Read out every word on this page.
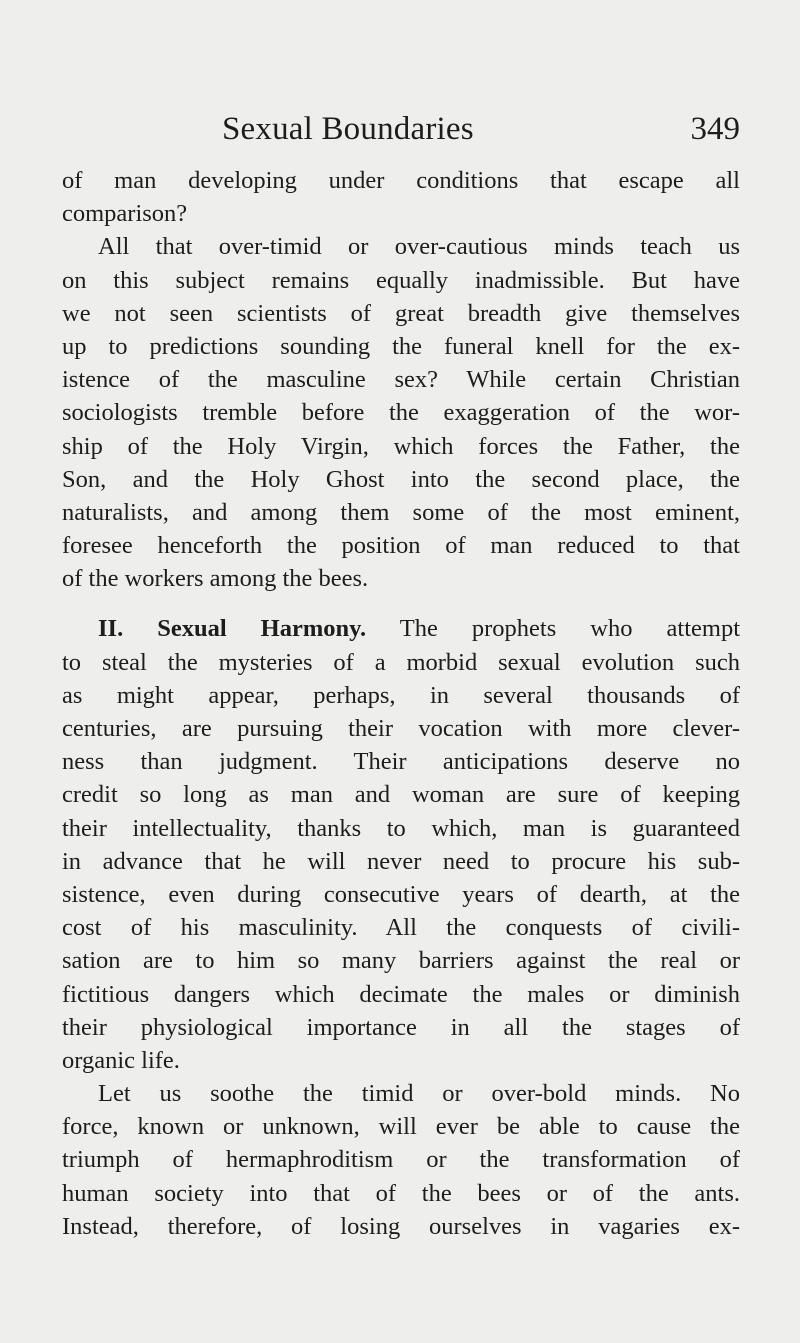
Sexual Boundaries	349
of man developing under conditions that escape all
comparison?
All that over-timid or over-cautious minds teach us
on this subject remains equally inadmissible. But have
we not seen scientists of great breadth give themselves
up to predictions sounding the funeral knell for the ex-
istence of the masculine sex? While certain Christian
sociologists tremble before the exaggeration of the wor-
ship of the Holy Virgin, which forces the Father, the
Son, and the Holy Ghost into the second place, the
naturalists, and among them some of the most eminent,
foresee henceforth the position of man reduced to that
of the workers among the bees.
II. Sexual Harmony. The prophets who attempt
to steal the mysteries of a morbid sexual evolution such
as might appear, perhaps, in several thousands of
centuries, are pursuing their vocation with more clever-
ness than judgment. Their anticipations deserve no
credit so long as man and woman are sure of keeping
their intellectuality, thanks to which, man is guaranteed
in advance that he will never need to procure his sub-
sistence, even during consecutive years of dearth, at the
cost of his masculinity. All the conquests of civili-
sation are to him so many barriers against the real or
fictitious dangers which decimate the males or diminish
their physiological importance in all the stages of
organic life.
Let us soothe the timid or over-bold minds. No
force, known or unknown, will ever be able to cause the
triumph of hermaphroditism or the transformation of
human society into that of the bees or of the ants.
Instead, therefore, of losing ourselves in vagaries ex-
